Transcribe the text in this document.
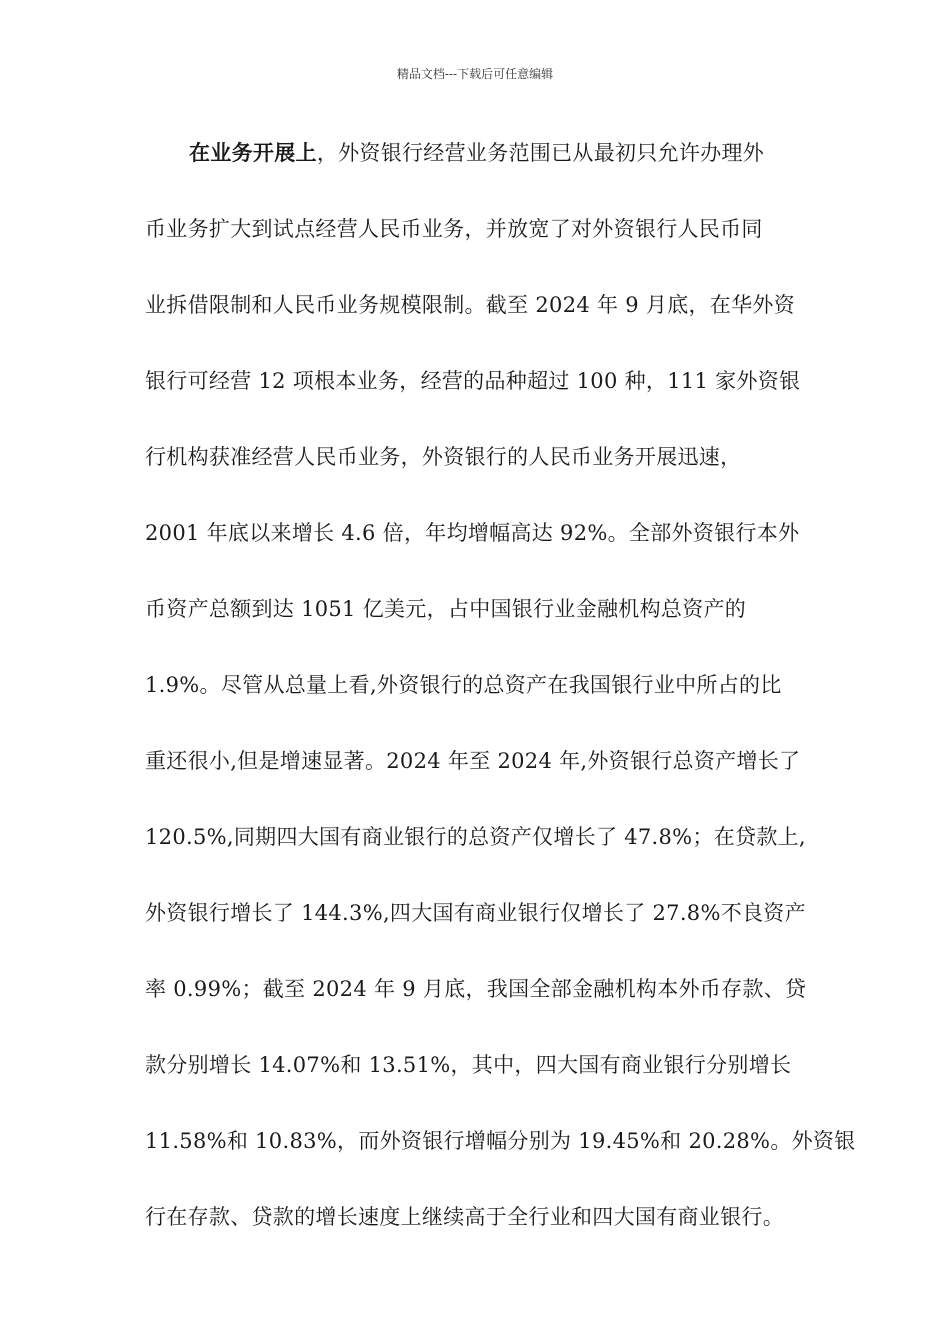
精品文档---下载后可任意编辑
在业务开展上，外资银行经营业务范围已从最初只允许办理外
币业务扩大到试点经营人民币业务，并放宽了对外资银行人民币同
业拆借限制和人民币业务规模限制。截至 2024 年 9 月底，在华外资
银行可经营 12 项根本业务，经营的品种超过 100 种，111 家外资银
行机构获准经营人民币业务，外资银行的人民币业务开展迅速，
2001 年底以来增长 4.6 倍，年均增幅高达 92%。全部外资银行本外
币资产总额到达 1051 亿美元，占中国银行业金融机构总资产的
1.9%。尽管从总量上看,外资银行的总资产在我国银行业中所占的比
重还很小,但是增速显著。2024 年至 2024 年,外资银行总资产增长了
120.5%,同期四大国有商业银行的总资产仅增长了 47.8%；在贷款上,
外资银行增长了 144.3%,四大国有商业银行仅增长了 27.8%不良资产
率 0.99%；截至 2024 年 9 月底，我国全部金融机构本外币存款、贷
款分别增长 14.07%和 13.51%，其中，四大国有商业银行分别增长
11.58%和 10.83%，而外资银行增幅分别为 19.45%和 20.28%。外资银
行在存款、贷款的增长速度上继续高于全行业和四大国有商业银行。
